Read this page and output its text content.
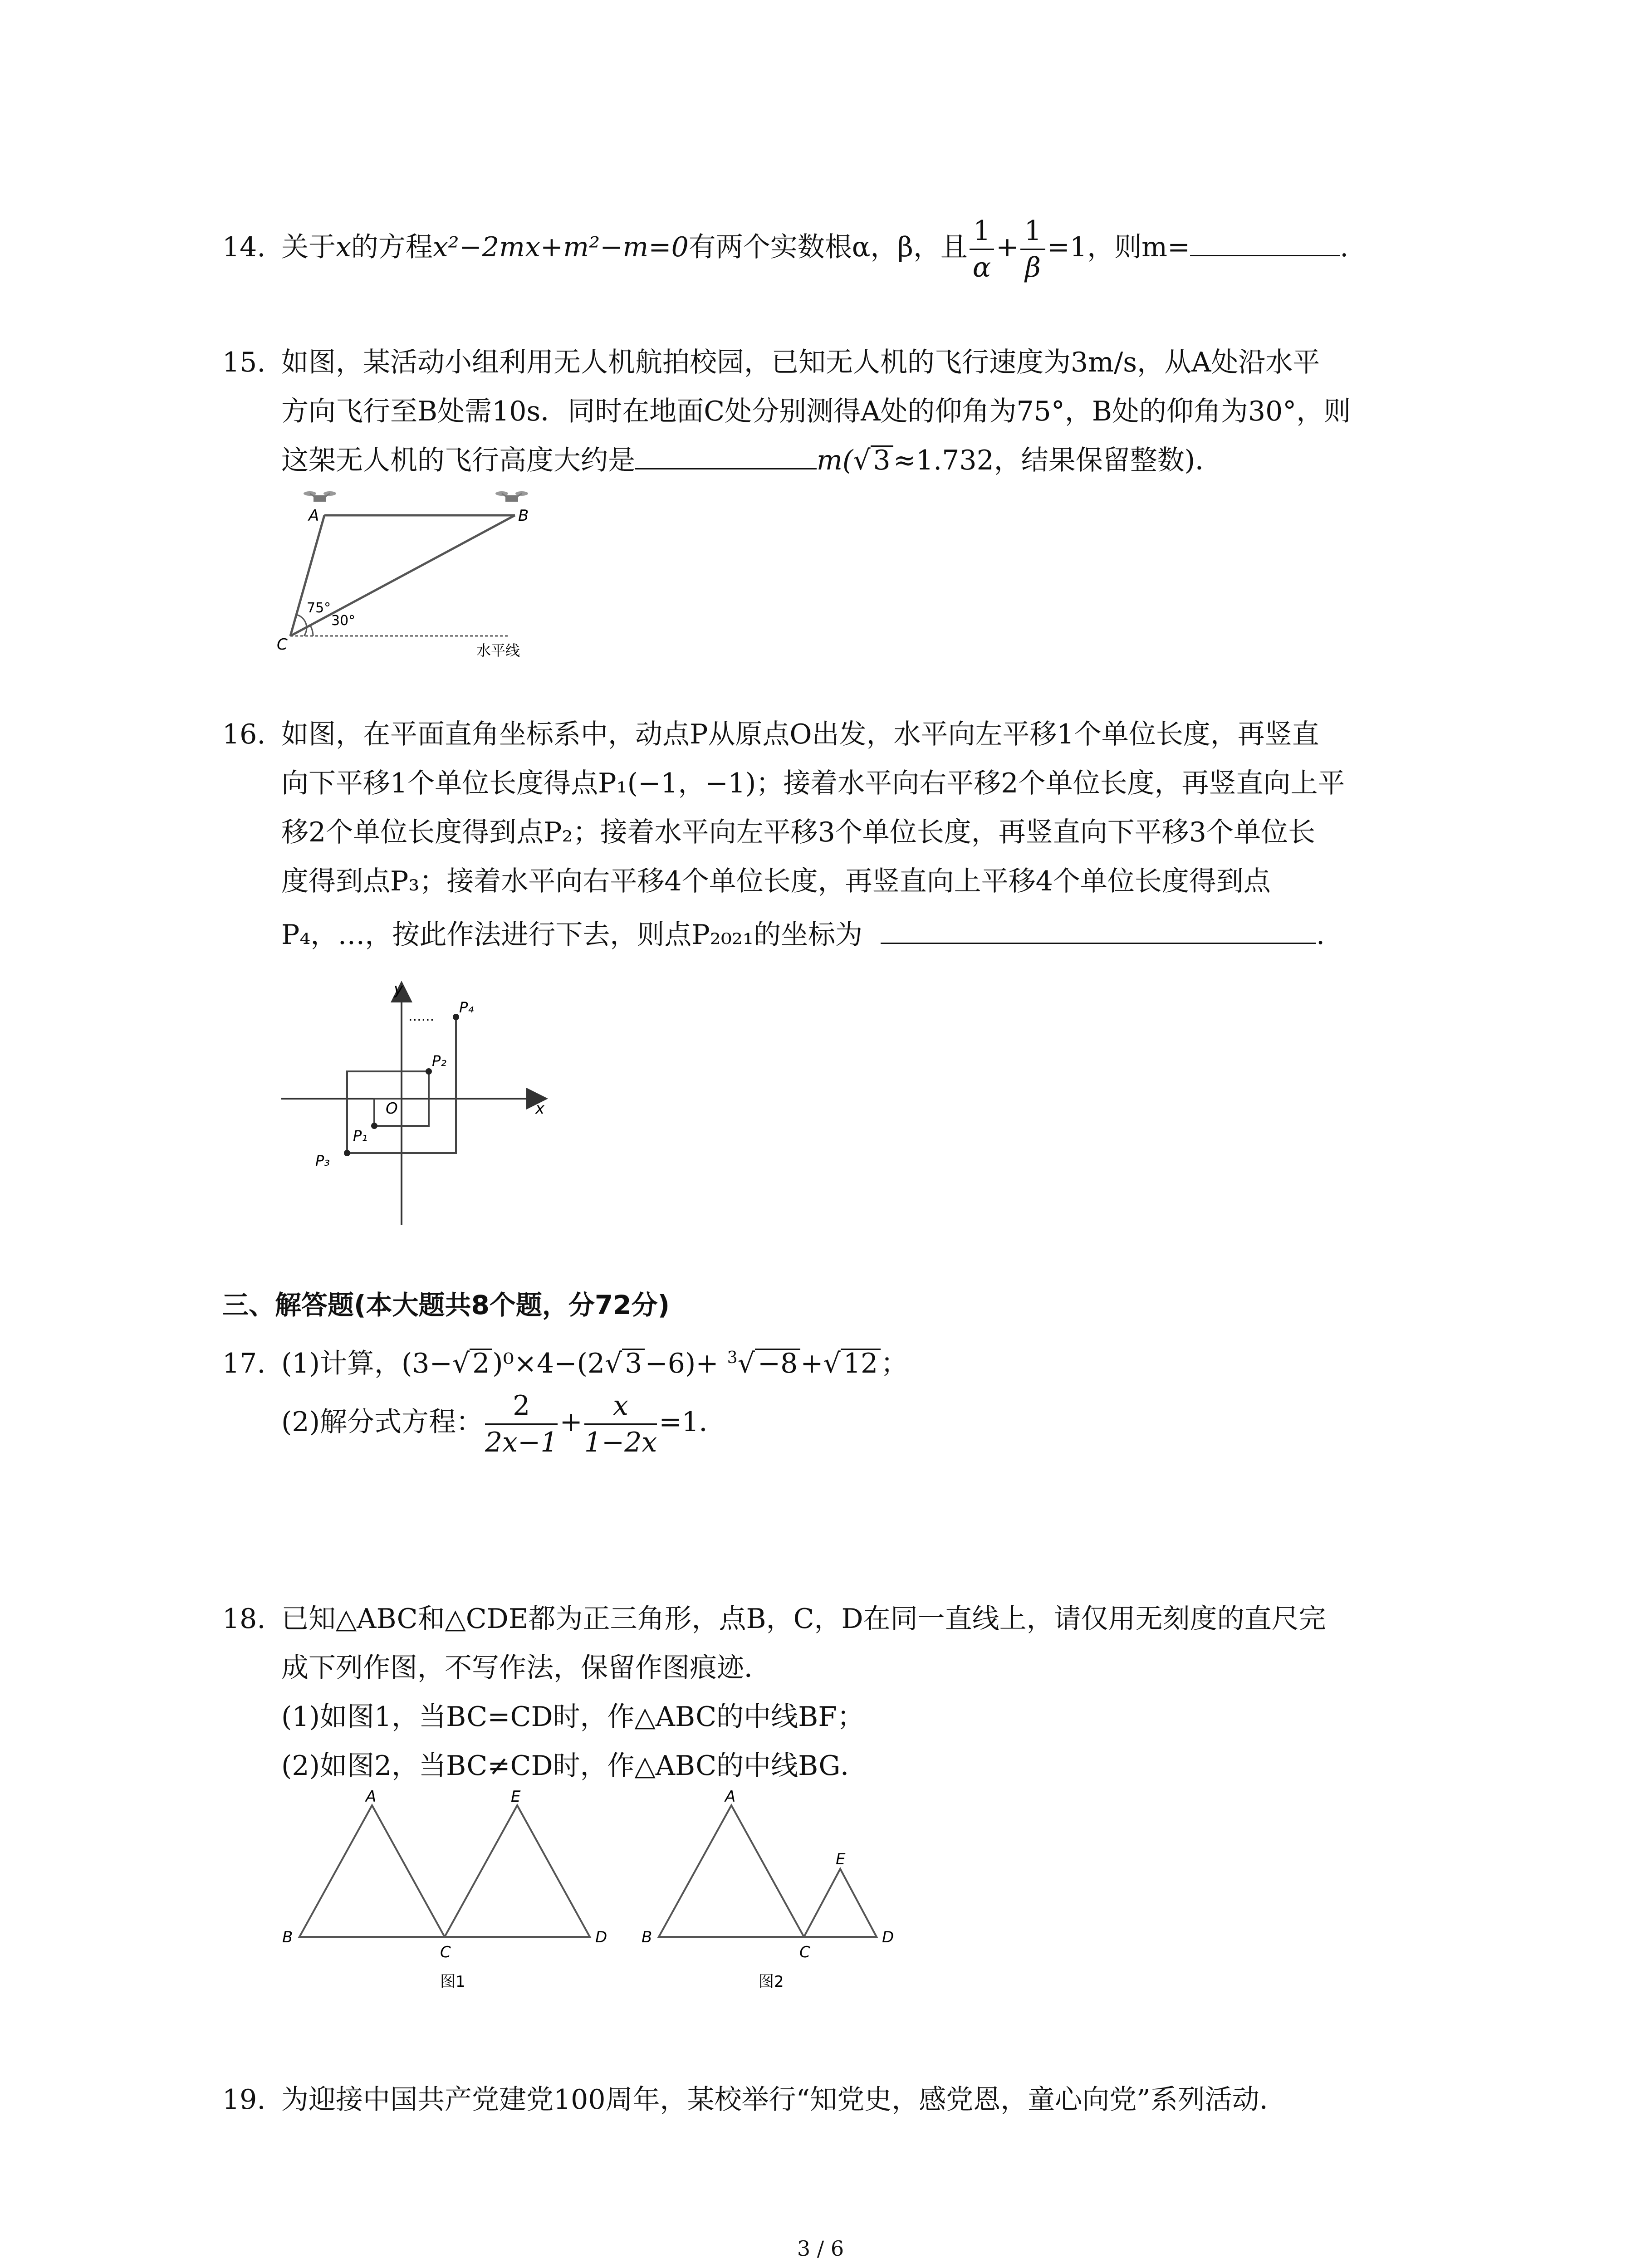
14. 关于x的方程x²−2mx+m²−m=0有两个实数根α，β，且 $\frac{1}{\alpha} + \frac{1}{\beta} =1$，则m=	.
15. 如图，某活动小组利用无人机航拍校园，已知无人机的飞行速度为3m/s，从A处沿水平
方向飞行至B处需10s．同时在地面C处分别测得A处的仰角为75°，B处的仰角为30°，则
这架无人机的飞行高度大约是	m(√ 3 ≈1.732，结果保留整数)．
A	B
C
75°
30°
水平线
16. 如图，在平面直角坐标系中，动点P从原点O出发，水平向左平移1个单位长度，再竖直
向下平移1个单位长度得点P₁(−1，−1)；接着水平向右平移2个单位长度，再竖直向上平
移2个单位长度得到点P₂；接着水平向左平移3个单位长度，再竖直向下平移3个单位长
度得到点P₃；接着水平向右平移4个单位长度，再竖直向上平移4个单位长度得到点
P₄，…，按此作法进行下去，则点P₂₀₂₁的坐标为	.
y
x
O
P₁
P₂
P₃
P₄
......
三、解答题(本大题共8个题，分72分)
17. (1)计算，(3−√ 2 )⁰×4−(2√ 3 −6)+ $^3$√ −8 +√ 12 ；
(2)解分式方程： $\frac{2}{2x-1} + \frac{x}{1-2x} =1$．
18. 已知△ABC和△CDE都为正三角形，点B，C，D在同一直线上，请仅用无刻度的直尺完
成下列作图，不写作法，保留作图痕迹．
(1)如图1，当BC=CD时，作△ABC的中线BF；
(2)如图2，当BC≠CD时，作△ABC的中线BG．
A
B
C
D
E
图1
A
B
C
D
E
图2
19. 为迎接中国共产党建党100周年，某校举行“知党史，感党恩，童心向党”系列活动．
3 / 6
